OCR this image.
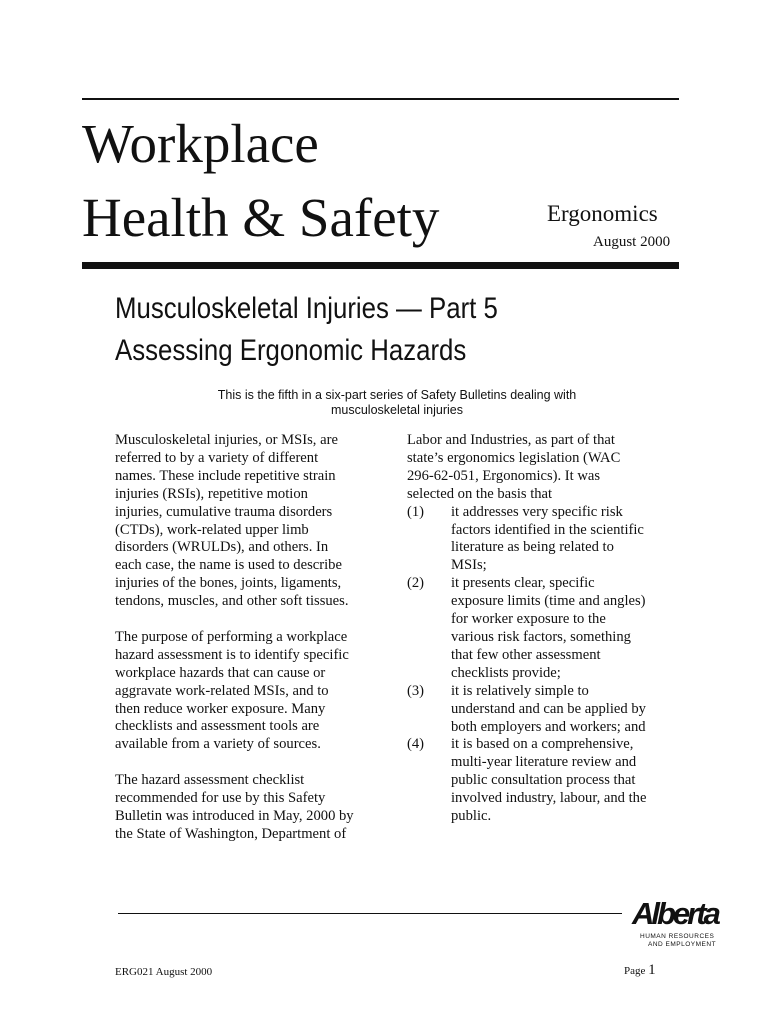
Workplace
Health & Safety	Ergonomics
August 2000
Musculoskeletal Injuries — Part 5
Assessing Ergonomic Hazards
This is the fifth in a six-part series of Safety Bulletins dealing with
musculoskeletal injuries

Musculoskeletal injuries, or MSIs, are

referred to by a variety of different

names. These include repetitive strain

injuries (RSIs), repetitive motion

injuries, cumulative trauma disorders

(CTDs), work-related upper limb

disorders (WRULDs), and others. In

each case, the name is used to describe

injuries of the bones, joints, ligaments,

tendons, muscles, and other soft tissues.

The purpose of performing a workplace

hazard assessment is to identify specific

workplace hazards that can cause or

aggravate work-related MSIs, and to

then reduce worker exposure. Many

checklists and assessment tools are

available from a variety of sources.

The hazard assessment checklist

recommended for use by this Safety

Bulletin was introduced in May, 2000 by

the State of Washington, Department of

Labor and Industries, as part of that

state’s ergonomics legislation (WAC

296-62-051, Ergonomics). It was

selected on the basis that

(1) it addresses very specific risk

factors identified in the scientific

literature as being related to

MSIs;

(2) it presents clear, specific

exposure limits (time and angles)

for worker exposure to the

various risk factors, something

that few other assessment

checklists provide;

(3) it is relatively simple to

understand and can be applied by

both employers and workers; and

(4) it is based on a comprehensive,

multi-year literature review and

public consultation process that

involved industry, labour, and the

public.

Alberta
HUMAN RESOURCES
AND EMPLOYMENT
ERG021 August 2000	Page 1
